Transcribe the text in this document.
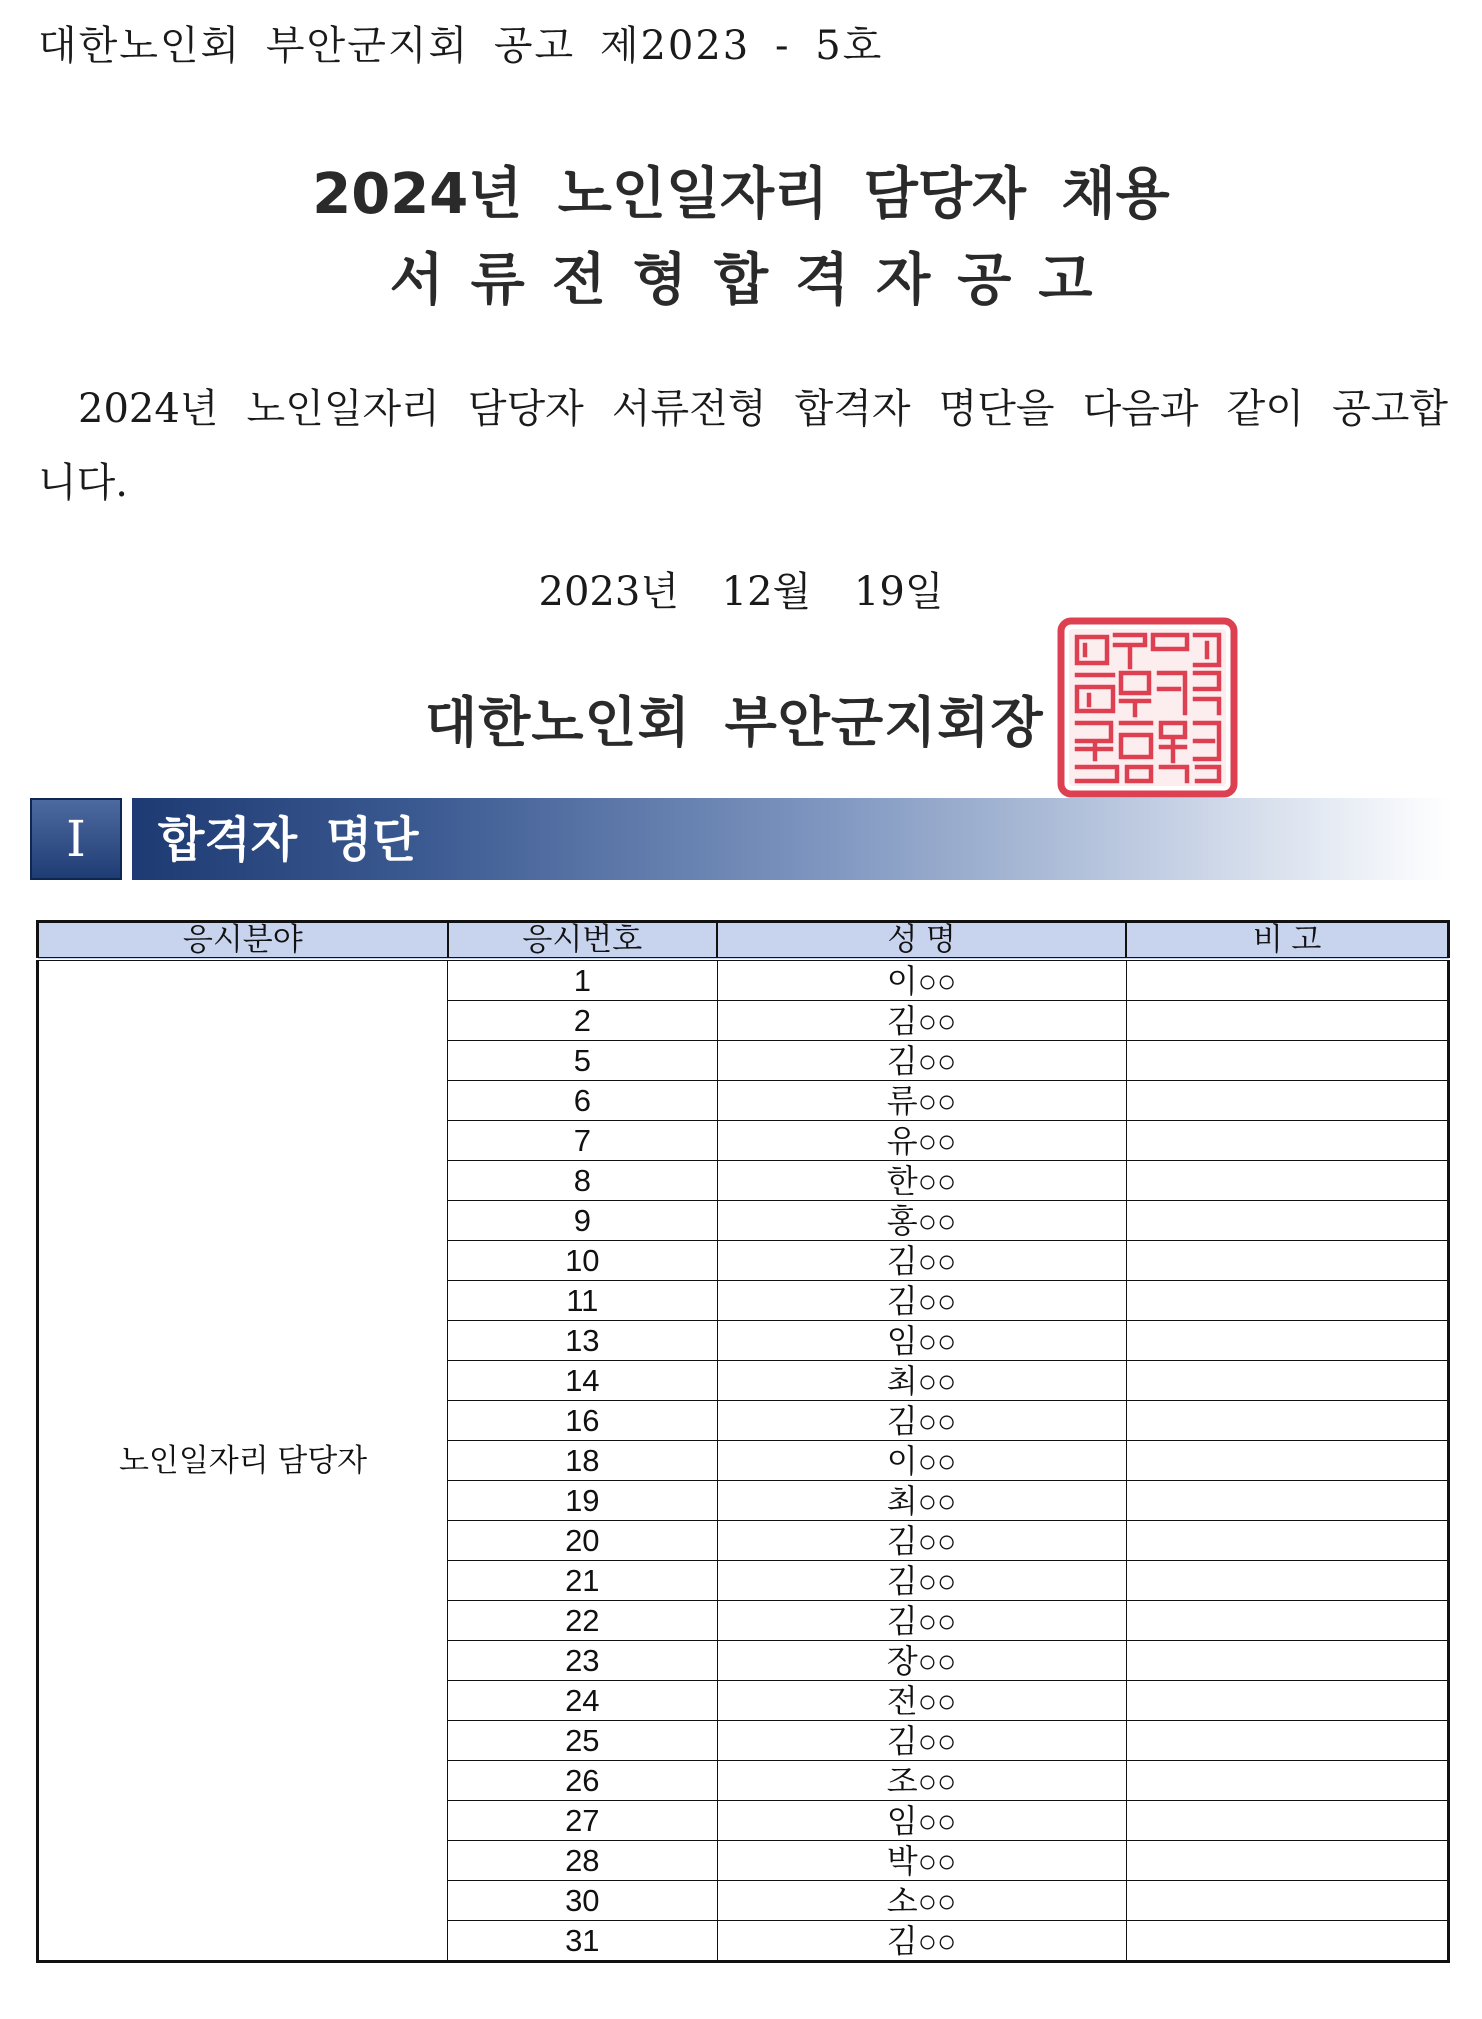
대한노인회 부안군지회 공고 제2023 - 5호
2024년 노인일자리 담당자 채용
서류전형합격자공고
2024년 노인일자리 담당자 서류전형 합격자 명단을 다음과 같이 공고합니다.
2023년 12월 19일
대한노인회 부안군지회장
Ⅰ	합격자 명단
응시분야	응시번호	성 명	비 고
노인일자리 담당자	1	이○○	
	2	김○○	
	5	김○○	
	6	류○○	
	7	유○○	
	8	한○○	
	9	홍○○	
	10	김○○	
	11	김○○	
	13	임○○	
	14	최○○	
	16	김○○	
	18	이○○	
	19	최○○	
	20	김○○	
	21	김○○	
	22	김○○	
	23	장○○	
	24	전○○	
	25	김○○	
	26	조○○	
	27	임○○	
	28	박○○	
	30	소○○	
	31	김○○	
